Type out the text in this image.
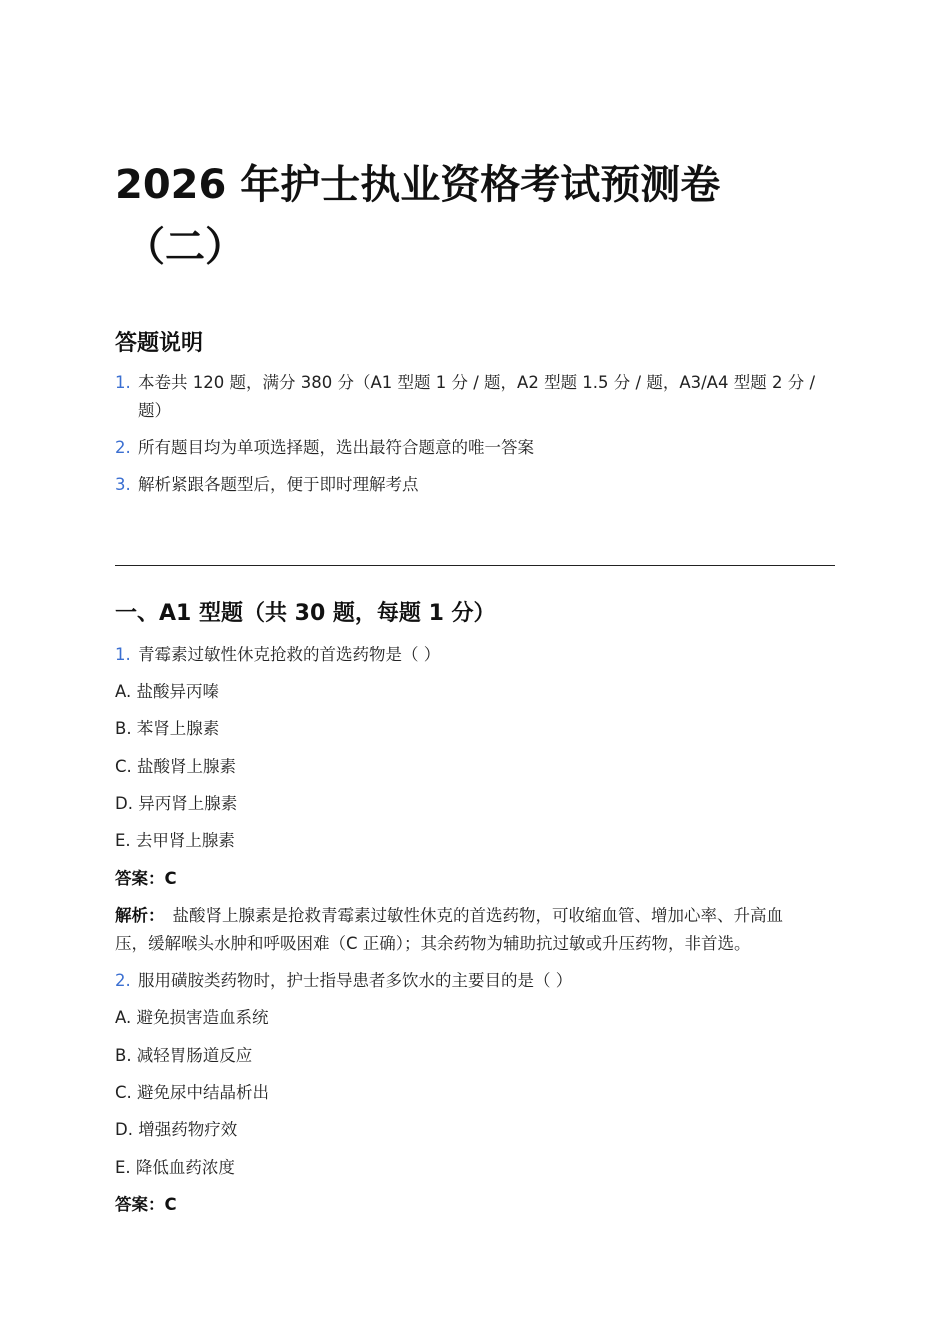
2026 年护士执业资格考试预测卷
（二）
答题说明
1. 本卷共 120 题，满分 380 分（A1 型题 1 分 / 题，A2 型题 1.5 分 / 题，A3/A4 型题 2 分 /
题）
2. 所有题目均为单项选择题，选出最符合题意的唯一答案
3. 解析紧跟各题型后，便于即时理解考点
一、A1 型题（共 30 题，每题 1 分）
1. 青霉素过敏性休克抢救的首选药物是（ ）
A. 盐酸异丙嗪
B. 苯肾上腺素
C. 盐酸肾上腺素
D. 异丙肾上腺素
E. 去甲肾上腺素
答案：C
解析： 盐酸肾上腺素是抢救青霉素过敏性休克的首选药物，可收缩血管、增加心率、升高血
压，缓解喉头水肿和呼吸困难（C 正确）；其余药物为辅助抗过敏或升压药物，非首选。
2. 服用磺胺类药物时，护士指导患者多饮水的主要目的是（ ）
A. 避免损害造血系统
B. 减轻胃肠道反应
C. 避免尿中结晶析出
D. 增强药物疗效
E. 降低血药浓度
答案：C
